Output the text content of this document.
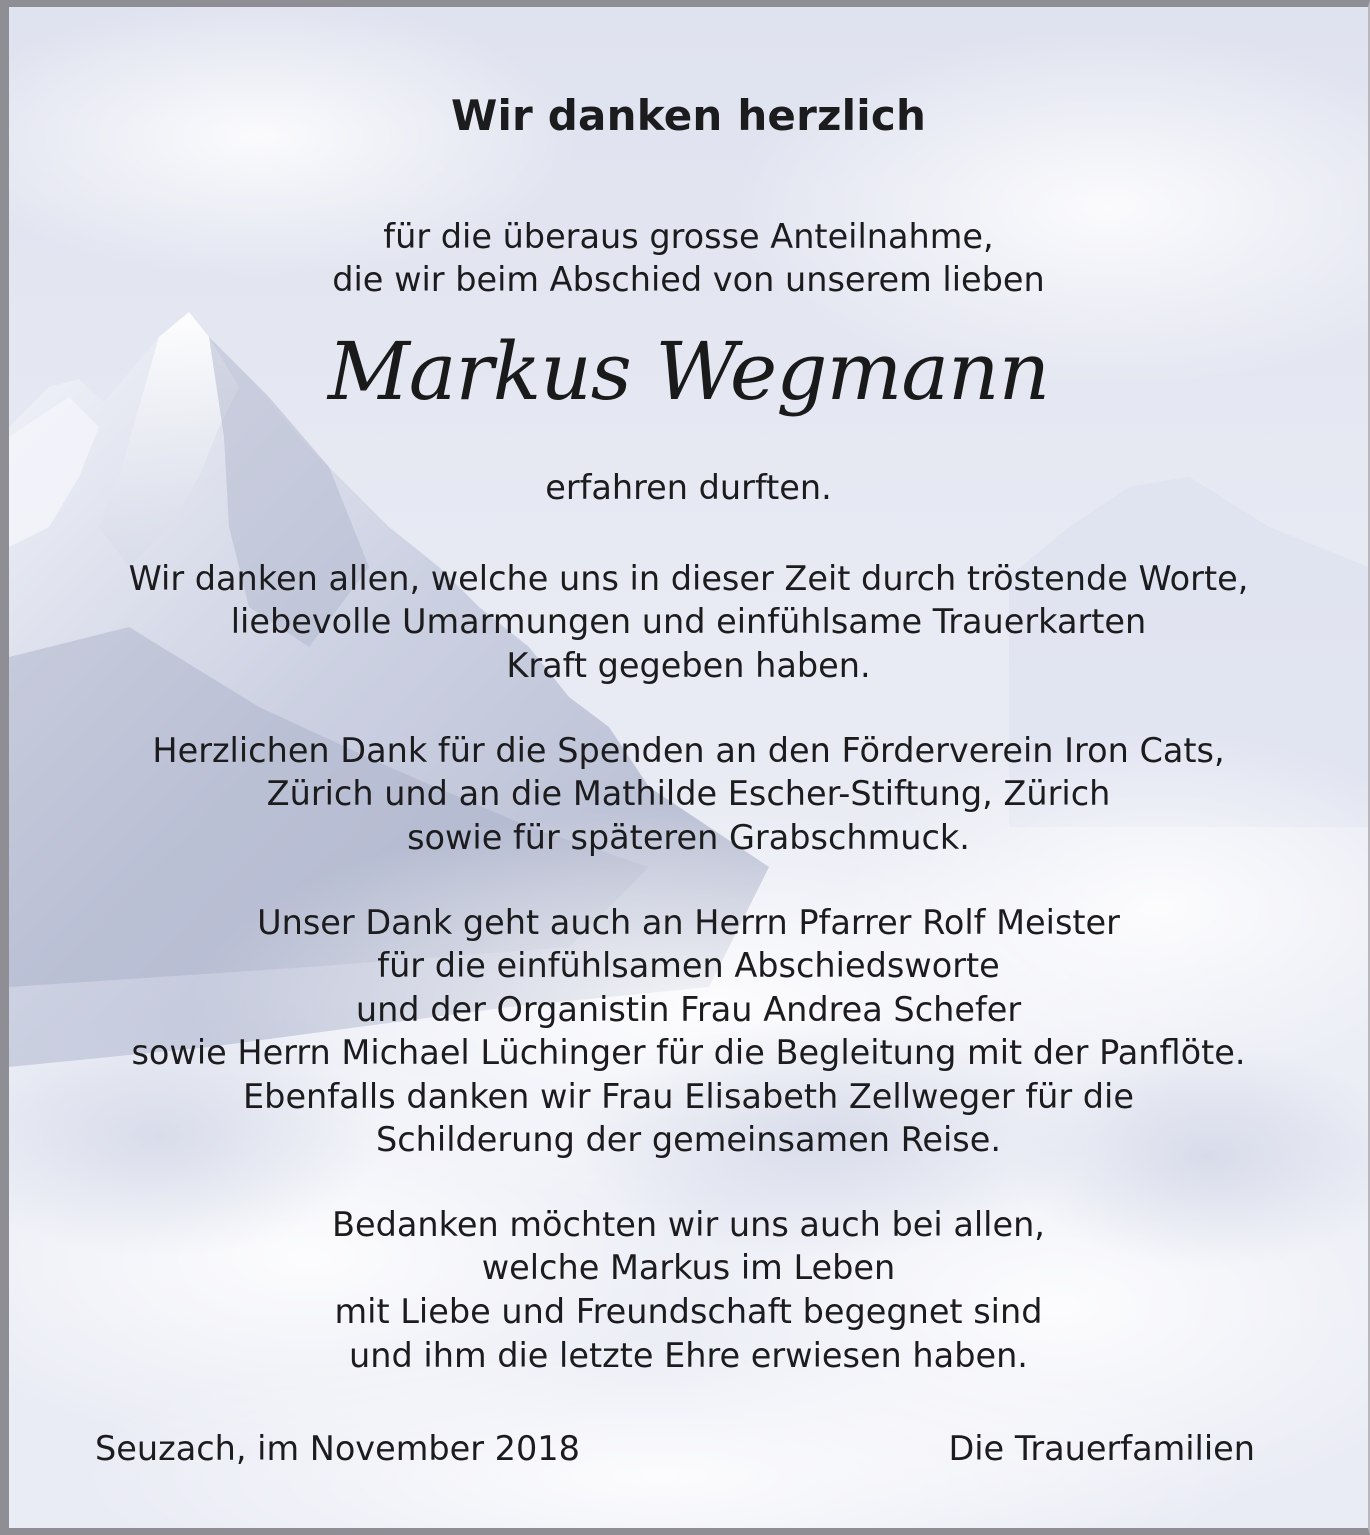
Wir danken herzlich
für die überaus grosse Anteilnahme,
die wir beim Abschied von unserem lieben
Markus Wegmann
erfahren durften.
Wir danken allen, welche uns in dieser Zeit durch tröstende Worte,
liebevolle Umarmungen und einfühlsame Trauerkarten
Kraft gegeben haben.
Herzlichen Dank für die Spenden an den Förderverein Iron Cats,
Zürich und an die Mathilde Escher-Stiftung, Zürich
sowie für späteren Grabschmuck.
Unser Dank geht auch an Herrn Pfarrer Rolf Meister
für die einfühlsamen Abschiedsworte
und der Organistin Frau Andrea Schefer
sowie Herrn Michael Lüchinger für die Begleitung mit der Panflöte.
Ebenfalls danken wir Frau Elisabeth Zellweger für die
Schilderung der gemeinsamen Reise.
Bedanken möchten wir uns auch bei allen,
welche Markus im Leben
mit Liebe und Freundschaft begegnet sind
und ihm die letzte Ehre erwiesen haben.
Seuzach, im November 2018	Die Trauerfamilien
